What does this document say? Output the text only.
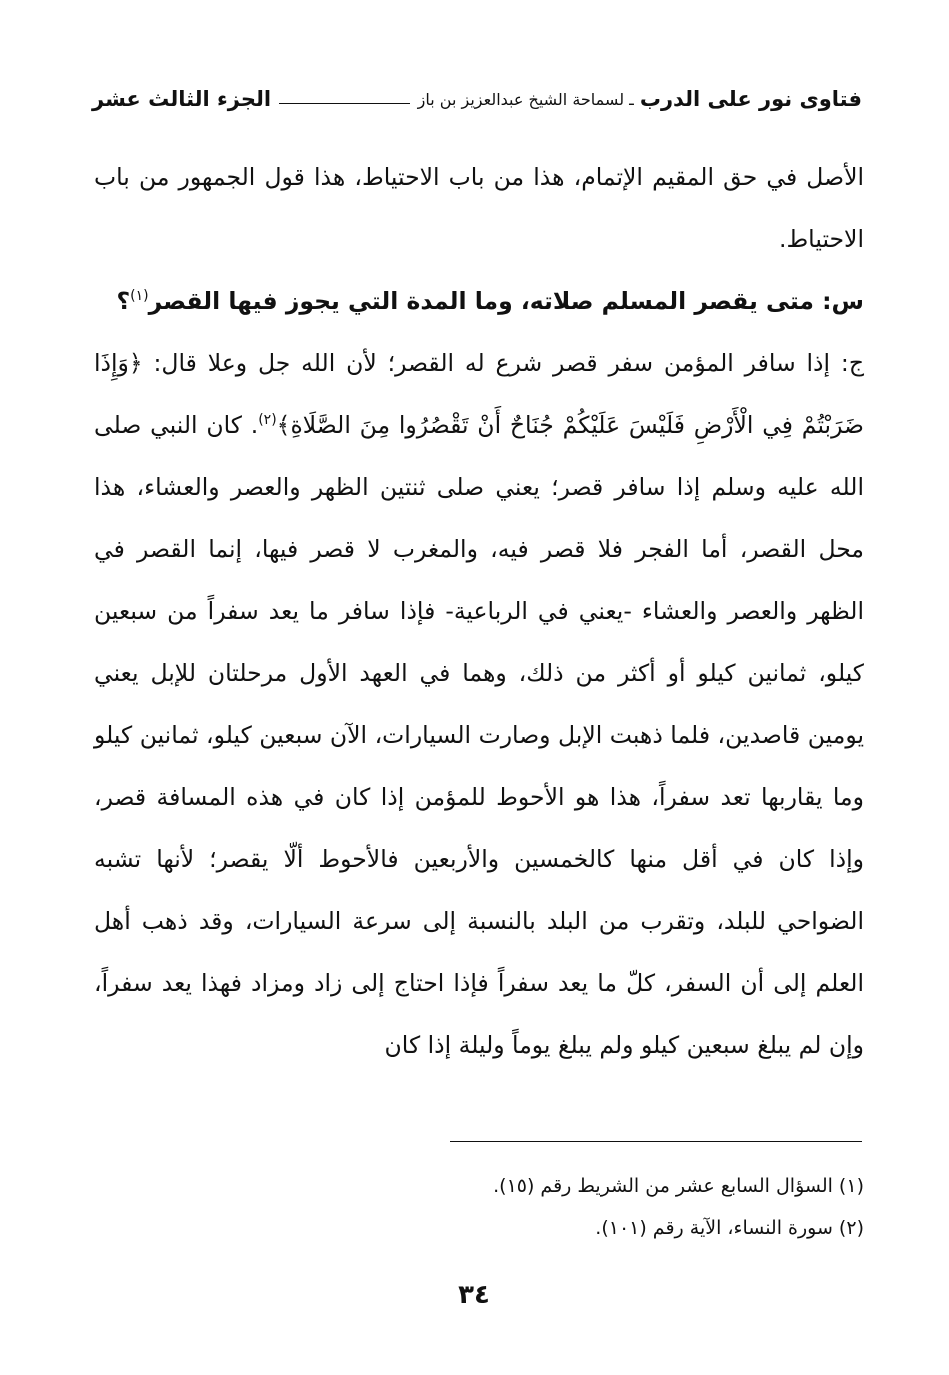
فتاوى نور على الدرب
ـ لسماحة الشيخ عبدالعزيز بن باز
الجزء الثالث عشر

الأصل في حق المقيم الإتمام، هذا من باب الاحتياط، هذا قول الجمهور من باب الاحتياط.

س: متى يقصر المسلم صلاته، وما المدة التي يجوز فيها القصر$^{(١)}$؟

ج: إذا سافر المؤمن سفر قصر شرع له القصر؛ لأن الله جل وعلا قال: ﴿وَإِذَا ضَرَبْتُمْ فِي الْأَرْضِ فَلَيْسَ عَلَيْكُمْ جُنَاحٌ أَنْ تَقْصُرُوا مِنَ الصَّلَاةِ﴾$^{(٢)}$. كان النبي صلى الله عليه وسلم إذا سافر قصر؛ يعني صلى ثنتين الظهر والعصر والعشاء، هذا محل القصر، أما الفجر فلا قصر فيه، والمغرب لا قصر فيها، إنما القصر في الظهر والعصر والعشاء -يعني في الرباعية- فإذا سافر ما يعد سفراً من سبعين كيلو، ثمانين كيلو أو أكثر من ذلك، وهما في العهد الأول مرحلتان للإبل يعني يومين قاصدين، فلما ذهبت الإبل وصارت السيارات، الآن سبعين كيلو، ثمانين كيلو وما يقاربها تعد سفراً، هذا هو الأحوط للمؤمن إذا كان في هذه المسافة قصر، وإذا كان في أقل منها كالخمسين والأربعين فالأحوط ألّا يقصر؛ لأنها تشبه الضواحي للبلد، وتقرب من البلد بالنسبة إلى سرعة السيارات، وقد ذهب أهل العلم إلى أن السفر، كلّ ما يعد سفراً فإذا احتاج إلى زاد ومزاد فهذا يعد سفراً، وإن لم يبلغ سبعين كيلو ولم يبلغ يوماً وليلة إذا كان

(١) السؤال السابع عشر من الشريط رقم (١٥).

(٢) سورة النساء، الآية رقم (١٠١).

٣٤
